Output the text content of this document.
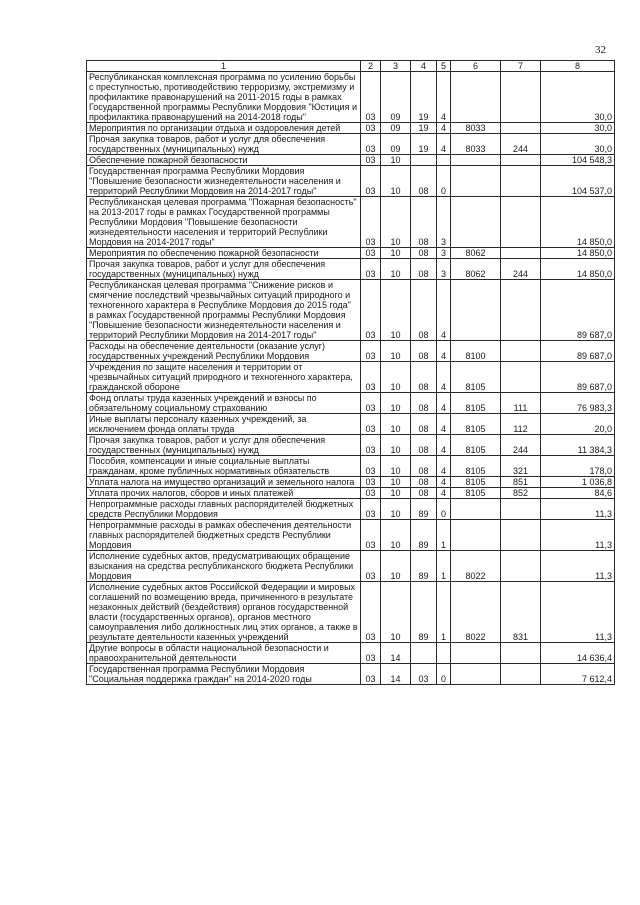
32
1	2	3	4	5	6	7	8
Республиканская комплексная программа по усилению борьбы с преступностью, противодействию терроризму, экстремизму и профилактике правонарушений на 2011-2015 годы в рамках Государственной программы Республики Мордовия "Юстиция и профилактика правонарушений на 2014-2018 годы"	03	09	19	4			30,0
Мероприятия по организации отдыха и оздоровления детей	03	09	19	4	8033		30,0
Прочая закупка товаров, работ и услуг для обеспечения государственных (муниципальных) нужд	03	09	19	4	8033	244	30,0
Обеспечение пожарной безопасности	03	10					104 548,3
Государственная программа Республики Мордовия "Повышение безопасности жизнедеятельности населения и территорий Республики Мордовия на 2014-2017 годы"	03	10	08	0			104 537,0
Республиканская целевая программа "Пожарная безопасность" на 2013-2017 годы в рамках Государственной программы Республики Мордовия "Повышение безопасности жизнедеятельности населения и территорий Республики Мордовия на 2014-2017 годы"	03	10	08	3			14 850,0
Мероприятия по обеспечению пожарной безопасности	03	10	08	3	8062		14 850,0
Прочая закупка товаров, работ и услуг для обеспечения государственных (муниципальных) нужд	03	10	08	3	8062	244	14 850,0
Республиканская целевая программа "Снижение рисков и смягчение последствий чрезвычайных ситуаций природного и техногенного характера в Республике Мордовия до 2015 года" в рамках Государственной программы Республики Мордовия "Повышение безопасности жизнедеятельности населения и территорий Республики Мордовия на 2014-2017 годы"	03	10	08	4			89 687,0
Расходы на обеспечение деятельности (оказание услуг) государственных учреждений Республики Мордовия	03	10	08	4	8100		89 687,0
Учреждения по защите населения и территории от чрезвычайных ситуаций природного и техногенного характера, гражданской обороне	03	10	08	4	8105		89 687,0
Фонд оплаты труда казенных учреждений и взносы по обязательному социальному страхованию	03	10	08	4	8105	111	76 983,3
Иные выплаты персоналу казенных учреждений, за исключением фонда оплаты труда	03	10	08	4	8105	112	20,0
Прочая закупка товаров, работ и услуг для обеспечения государственных (муниципальных) нужд	03	10	08	4	8105	244	11 384,3
Пособия, компенсации и иные социальные выплаты гражданам, кроме публичных нормативных обязательств	03	10	08	4	8105	321	178,0
Уплата налога на имущество организаций и земельного налога	03	10	08	4	8105	851	1 036,8
Уплата прочих налогов, сборов и иных платежей	03	10	08	4	8105	852	84,6
Непрограммные расходы главных распорядителей бюджетных средств Республики Мордовия	03	10	89	0			11,3
Непрограммные расходы в рамках обеспечения деятельности главных распорядителей бюджетных средств Республики Мордовия	03	10	89	1			11,3
Исполнение судебных актов, предусматривающих обращение взыскания на средства республиканского бюджета Республики Мордовия	03	10	89	1	8022		11,3
Исполнение судебных актов Российской Федерации и мировых соглашений по возмещению вреда, причиненного в результате незаконных действий (бездействия) органов государственной власти (государственных органов), органов местного самоуправления либо должностных лиц этих органов, а также в результате деятельности казенных учреждений	03	10	89	1	8022	831	11,3
Другие вопросы в области национальной безопасности и правоохранительной деятельности	03	14					14 636,4
Государственная программа Республики Мордовия "Социальная поддержка граждан" на 2014-2020 годы	03	14	03	0			7 612,4
